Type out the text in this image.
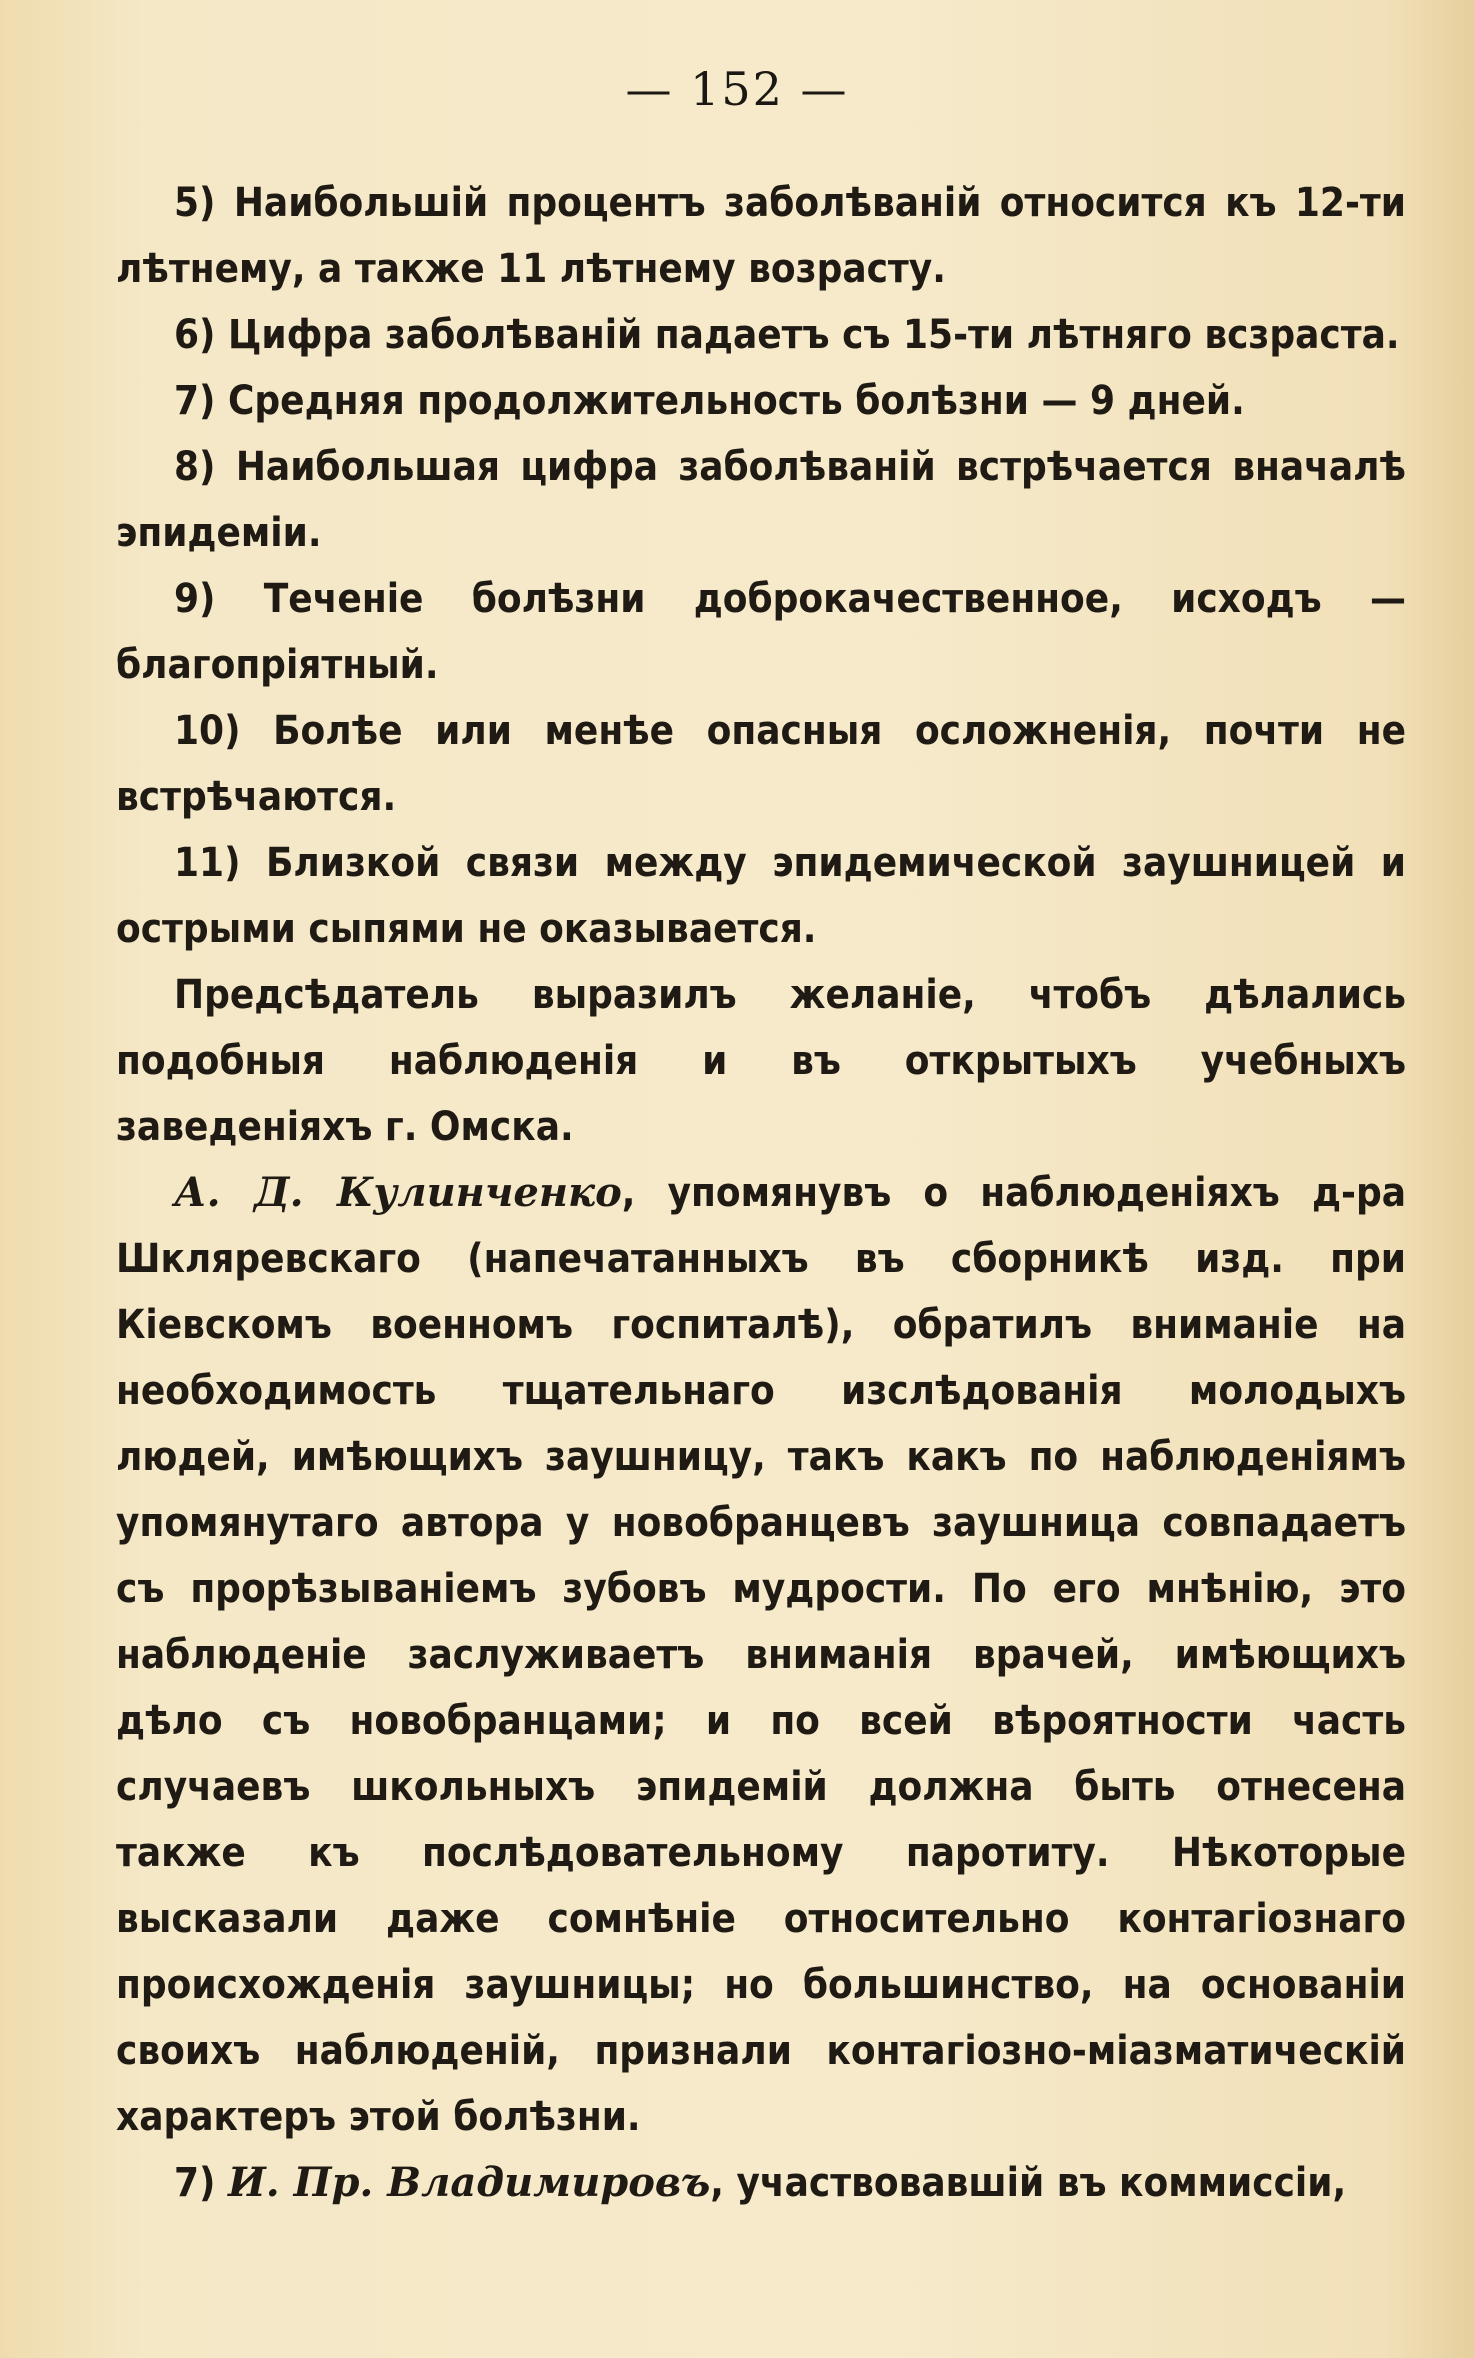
— 152 —

5) Наибольшій процентъ заболѣваній относится къ 12-ти лѣтнему, а также 11 лѣтнему возрасту.

6) Цифра заболѣваній падаетъ съ 15-ти лѣтняго всзраста.

7) Средняя продолжительность болѣзни — 9 дней.

8) Наибольшая цифра заболѣваній встрѣчается вначалѣ эпидеміи.

9) Теченіе болѣзни доброкачественное, исходъ — благопріятный.

10) Болѣе или менѣе опасныя осложненія, почти не встрѣчаются.

11) Близкой связи между эпидемической заушницей и острыми сыпями не оказывается.

Предсѣдатель выразилъ желаніе, чтобъ дѣлались подобныя наблюденія и въ открытыхъ учебныхъ заведеніяхъ г. Омска.

А. Д. Кулинченко, упомянувъ о наблюденіяхъ д-ра Шкляревскаго (напечатанныхъ въ сборникѣ изд. при Кіевскомъ военномъ госпиталѣ), обратилъ вниманіе на необходимость тщательнаго изслѣдованія молодыхъ людей, имѣющихъ заушницу, такъ какъ по наблюденіямъ упомянутаго автора у новобранцевъ заушница совпадаетъ съ прорѣзываніемъ зубовъ мудрости. По его мнѣнію, это наблюденіе заслуживаетъ вниманія врачей, имѣющихъ дѣло съ новобранцами; и по всей вѣроятности часть случаевъ школьныхъ эпидемій должна быть отнесена также къ послѣдовательному паротиту. Нѣкоторые высказали даже сомнѣніе относительно контагіознаго происхожденія заушницы; но большинство, на основаніи своихъ наблюденій, признали контагіозно-міазматическій характеръ этой болѣзни.

7) И. Пр. Владимировъ, участвовавшій въ коммиссіи,
